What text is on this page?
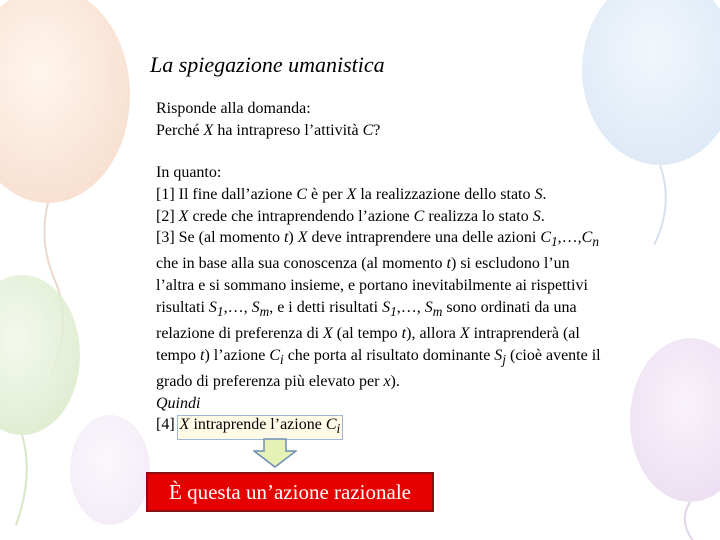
La spiegazione umanistica
Risponde alla domanda:
Perché X ha intrapreso l’attività C?
In quanto:
[1] Il fine dall’azione C è per X la realizzazione dello stato S.
[2] X crede che intraprendendo l’azione C realizza lo stato S.
[3] Se (al momento t) X deve intraprendere una delle azioni $C_1,\dots,C_n$
che in base alla sua conoscenza (al momento t) si escludono l’un
l’altra e si sommano insieme, e portano inevitabilmente ai rispettivi
risultati $S_1,\dots$, $S_m$, e i detti risultati $S_1,\dots$, $S_m$ sono ordinati da una
relazione di preferenza di X (al tempo t), allora X intraprenderà (al
tempo t) l’azione $C_i$ che porta al risultato dominante $S_j$ (cioè avente il
grado di preferenza più elevato per x).
Quindi
[4] X intraprende l’azione $C_i$
È questa un’azione razionale
